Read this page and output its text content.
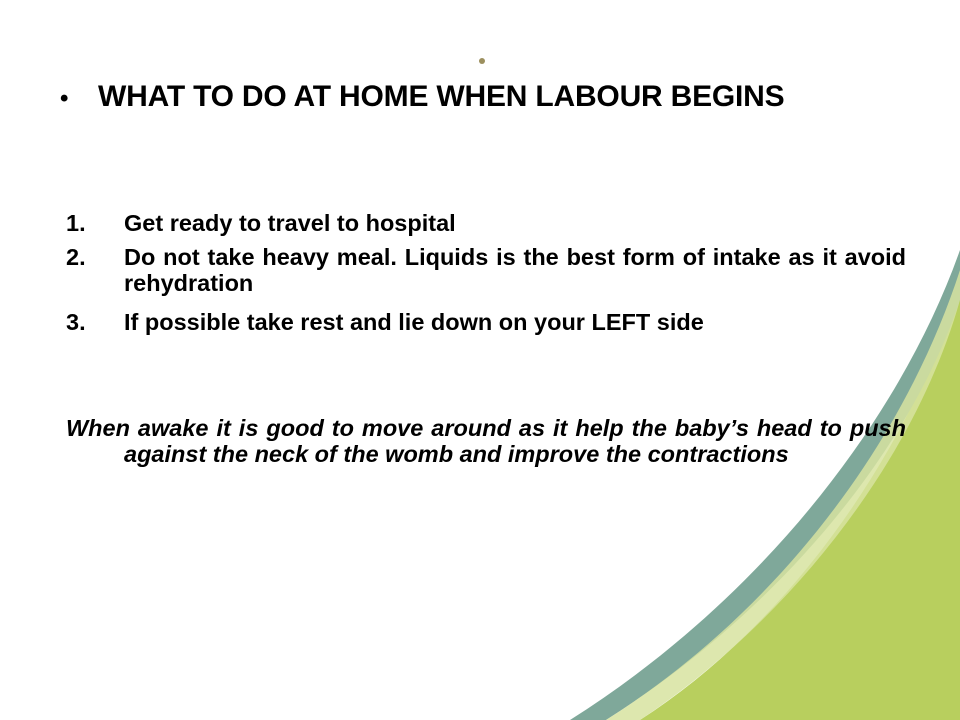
• WHAT TO DO AT HOME WHEN LABOUR BEGINS
1.	Get ready to travel to hospital
2.	Do not take heavy meal. Liquids is the best form of intake as it avoid rehydration
3.	If possible take rest and lie down on your LEFT side
When awake it is good to move around as it help the baby’s head to push against the neck of the womb and improve the contractions
